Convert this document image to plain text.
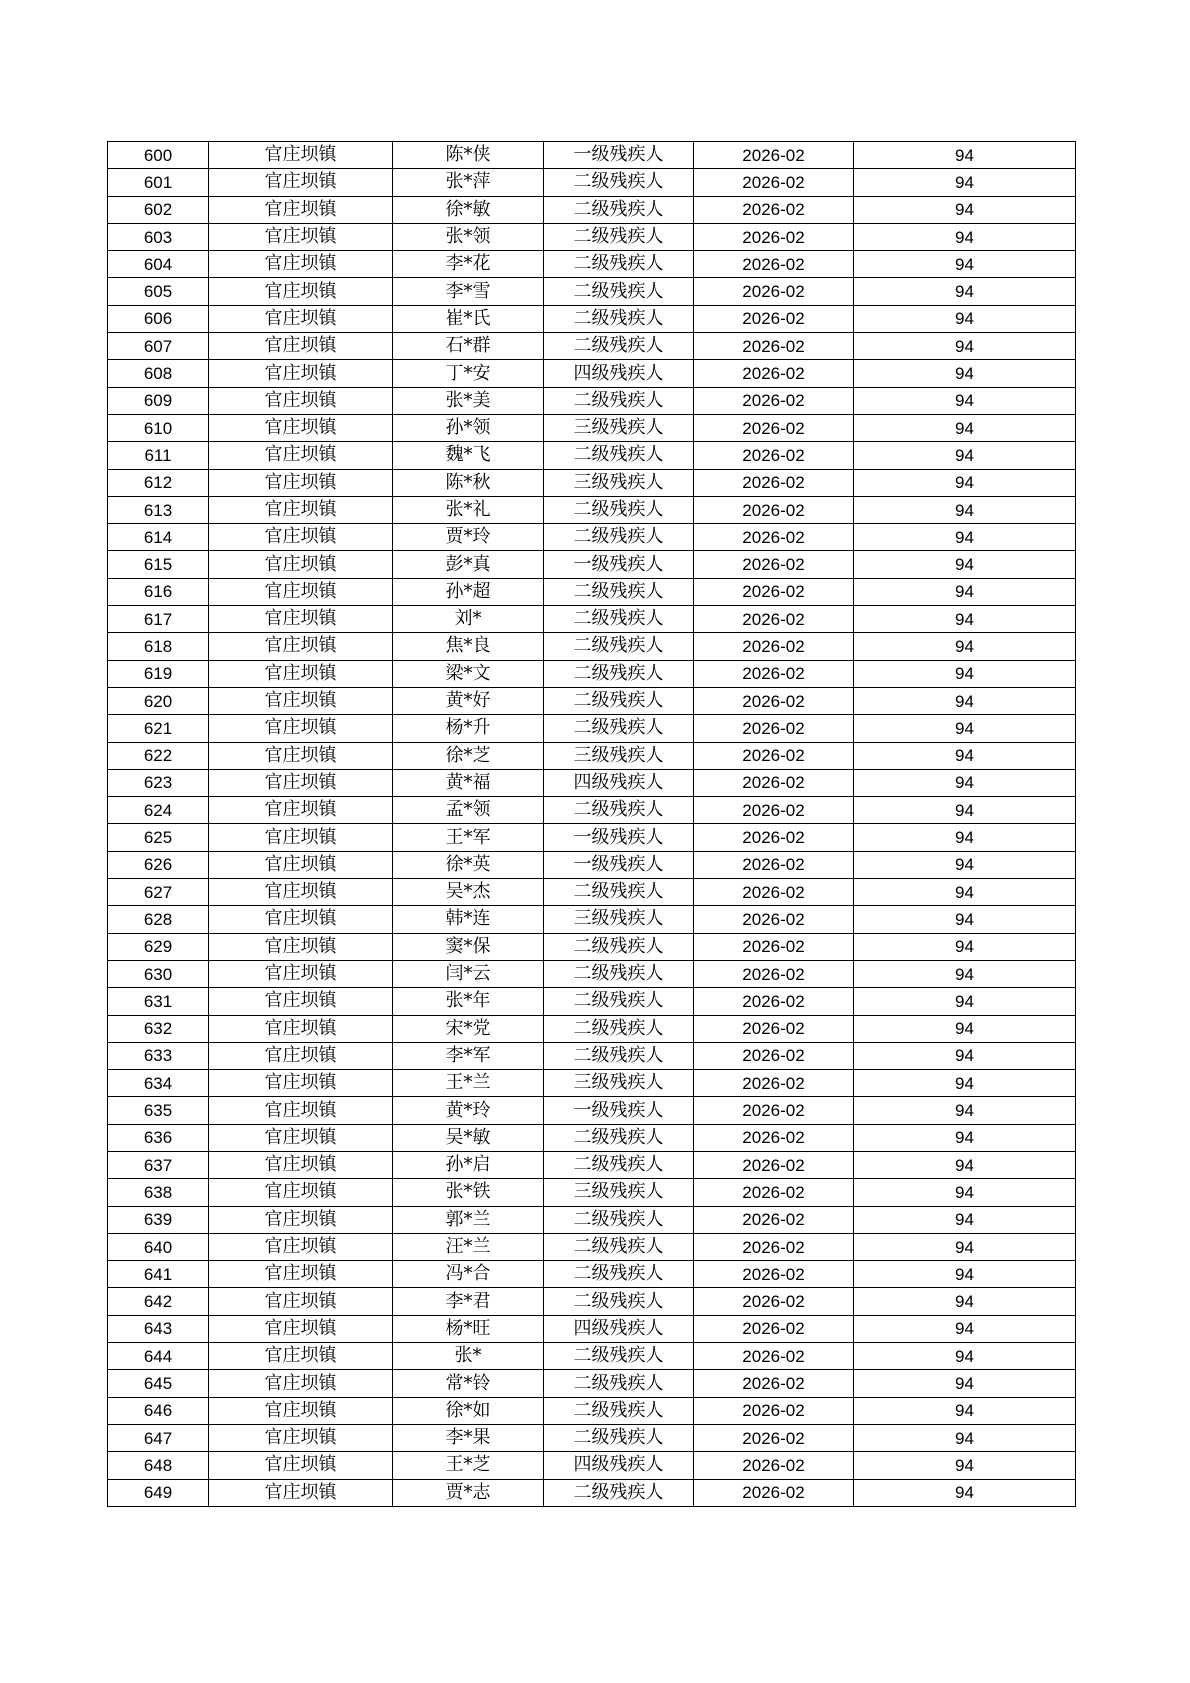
600	官庄坝镇	陈*侠	一级残疾人	2026-02	94
601	官庄坝镇	张*萍	二级残疾人	2026-02	94
602	官庄坝镇	徐*敏	二级残疾人	2026-02	94
603	官庄坝镇	张*领	二级残疾人	2026-02	94
604	官庄坝镇	李*花	二级残疾人	2026-02	94
605	官庄坝镇	李*雪	二级残疾人	2026-02	94
606	官庄坝镇	崔*氏	二级残疾人	2026-02	94
607	官庄坝镇	石*群	二级残疾人	2026-02	94
608	官庄坝镇	丁*安	四级残疾人	2026-02	94
609	官庄坝镇	张*美	二级残疾人	2026-02	94
610	官庄坝镇	孙*领	三级残疾人	2026-02	94
611	官庄坝镇	魏*飞	二级残疾人	2026-02	94
612	官庄坝镇	陈*秋	三级残疾人	2026-02	94
613	官庄坝镇	张*礼	二级残疾人	2026-02	94
614	官庄坝镇	贾*玲	二级残疾人	2026-02	94
615	官庄坝镇	彭*真	一级残疾人	2026-02	94
616	官庄坝镇	孙*超	二级残疾人	2026-02	94
617	官庄坝镇	刘*	二级残疾人	2026-02	94
618	官庄坝镇	焦*良	二级残疾人	2026-02	94
619	官庄坝镇	梁*文	二级残疾人	2026-02	94
620	官庄坝镇	黄*好	二级残疾人	2026-02	94
621	官庄坝镇	杨*升	二级残疾人	2026-02	94
622	官庄坝镇	徐*芝	三级残疾人	2026-02	94
623	官庄坝镇	黄*福	四级残疾人	2026-02	94
624	官庄坝镇	孟*领	二级残疾人	2026-02	94
625	官庄坝镇	王*军	一级残疾人	2026-02	94
626	官庄坝镇	徐*英	一级残疾人	2026-02	94
627	官庄坝镇	吴*杰	二级残疾人	2026-02	94
628	官庄坝镇	韩*连	三级残疾人	2026-02	94
629	官庄坝镇	窦*保	二级残疾人	2026-02	94
630	官庄坝镇	闫*云	二级残疾人	2026-02	94
631	官庄坝镇	张*年	二级残疾人	2026-02	94
632	官庄坝镇	宋*党	二级残疾人	2026-02	94
633	官庄坝镇	李*军	二级残疾人	2026-02	94
634	官庄坝镇	王*兰	三级残疾人	2026-02	94
635	官庄坝镇	黄*玲	一级残疾人	2026-02	94
636	官庄坝镇	吴*敏	二级残疾人	2026-02	94
637	官庄坝镇	孙*启	二级残疾人	2026-02	94
638	官庄坝镇	张*铁	三级残疾人	2026-02	94
639	官庄坝镇	郭*兰	二级残疾人	2026-02	94
640	官庄坝镇	汪*兰	二级残疾人	2026-02	94
641	官庄坝镇	冯*合	二级残疾人	2026-02	94
642	官庄坝镇	李*君	二级残疾人	2026-02	94
643	官庄坝镇	杨*旺	四级残疾人	2026-02	94
644	官庄坝镇	张*	二级残疾人	2026-02	94
645	官庄坝镇	常*铃	二级残疾人	2026-02	94
646	官庄坝镇	徐*如	二级残疾人	2026-02	94
647	官庄坝镇	李*果	二级残疾人	2026-02	94
648	官庄坝镇	王*芝	四级残疾人	2026-02	94
649	官庄坝镇	贾*志	二级残疾人	2026-02	94
